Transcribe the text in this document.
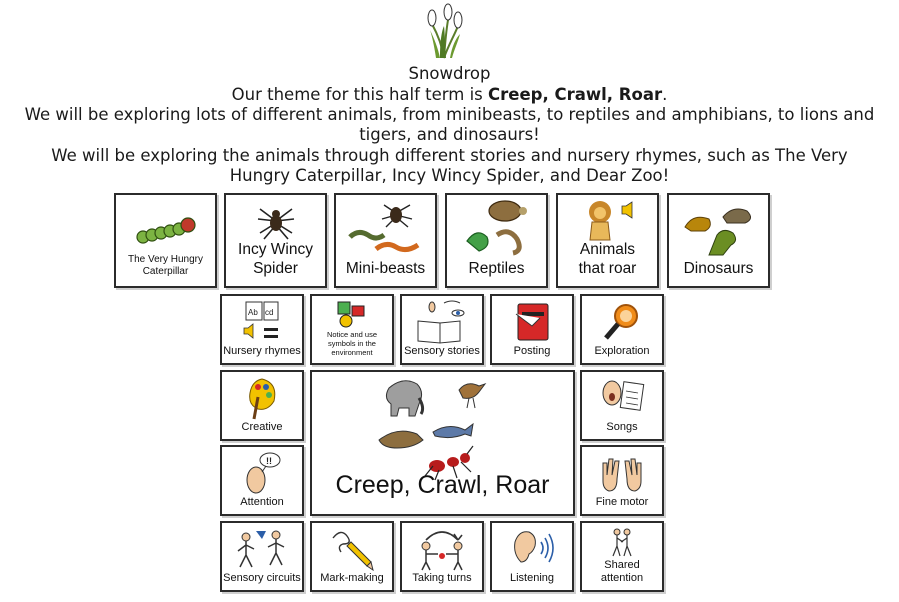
Snowdrop
Our theme for this half term is Creep, Crawl, Roar.
We will be exploring lots of different animals, from minibeasts, to reptiles and amphibians, to lions and
tigers, and dinosaurs!
We will be exploring the animals through different stories and nursery rhymes, such as The Very
Hungry Caterpillar, Incy Wincy Spider, and Dear Zoo!
The Very Hungry Caterpillar
Incy Wincy Spider	Mini-beasts	Reptiles
Animals that roar	Dinosaurs
Ab cd
Nursery rhymes
Notice and use symbols in the environment	Sensory stories	Posting	Exploration
Creative
Creep, Crawl, Roar
Songs
!!
Attention	Fine motor
Sensory circuits	Mark-making	Taking turns	Listening
Shared attention
